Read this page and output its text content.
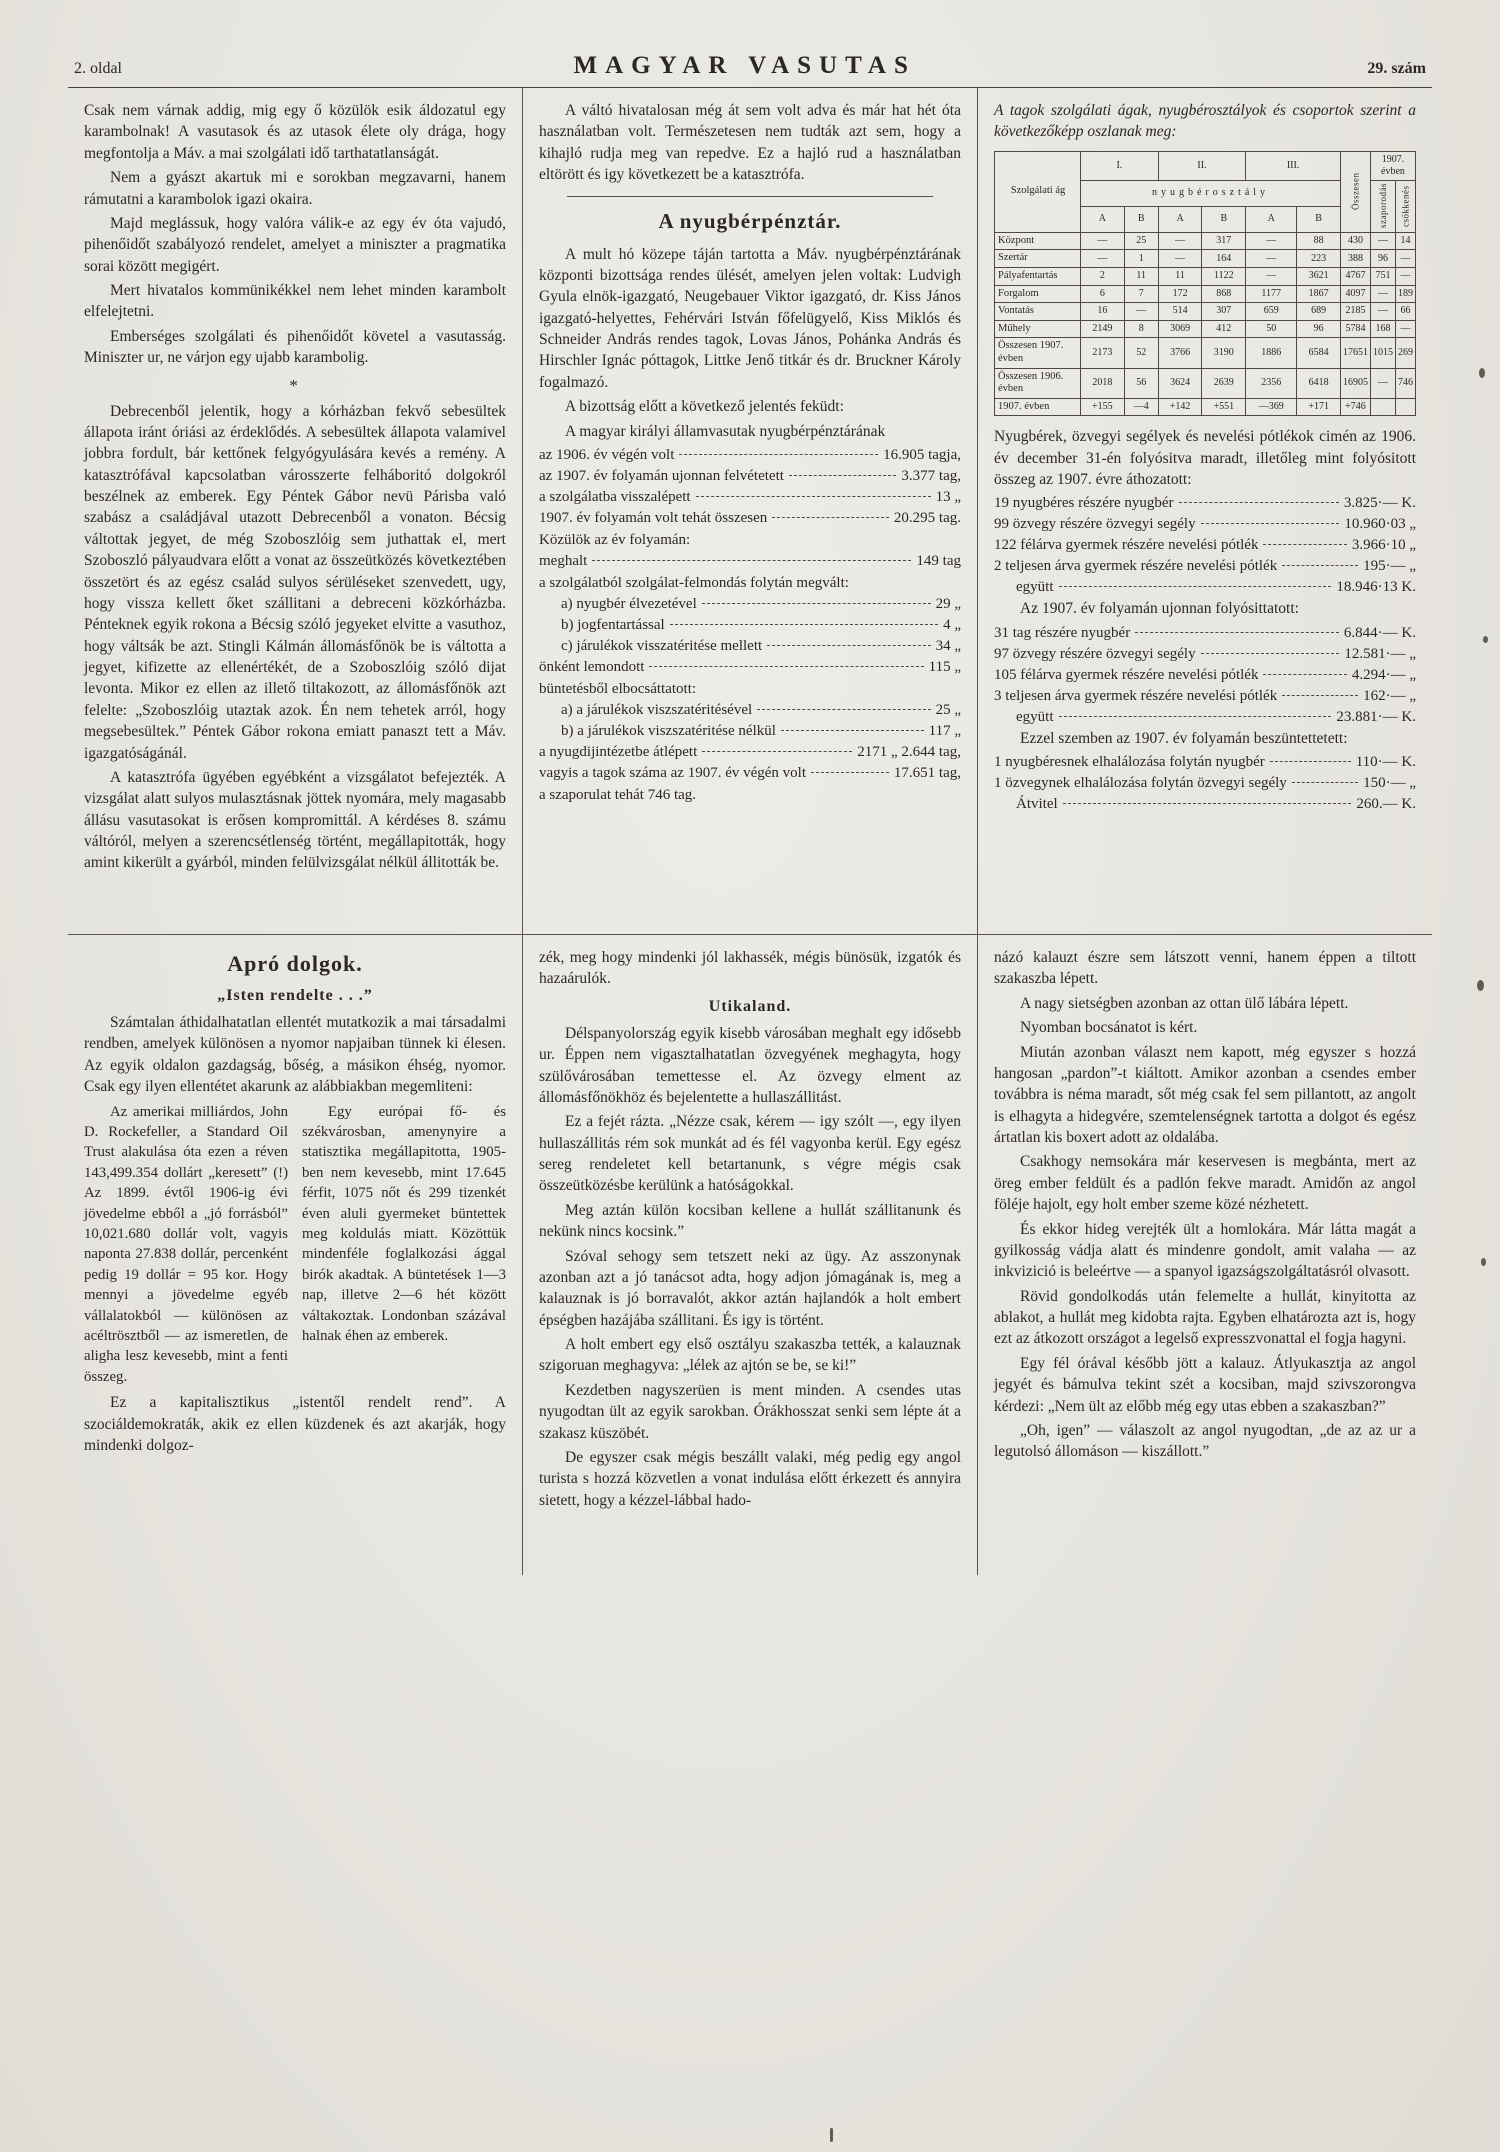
2. oldal	MAGYAR VASUTAS	29. szám

Csak nem várnak addig, mig egy ő közülök esik áldozatul egy karambolnak! A vasutasok és az utasok élete oly drága, hogy megfontolja a Máv. a mai szolgálati idő tarthatatlanságát.

Nem a gyászt akartuk mi e sorokban megzavarni, hanem rámutatni a karambolok igazi okaira.

Majd meglássuk, hogy valóra válik-e az egy év óta vajudó, pihenőidőt szabályozó rendelet, amelyet a miniszter a pragmatika sorai között megigért.

Mert hivatalos kommünikékkel nem lehet minden karambolt elfelejtetni.

Emberséges szolgálati és pihenőidőt követel a vasutasság. Miniszter ur, ne várjon egy ujabb karambolig.

*

Debrecenből jelentik, hogy a kórházban fekvő sebesültek állapota iránt óriási az érdeklődés. A sebesültek állapota valamivel jobbra fordult, bár kettőnek felgyógyulására kevés a remény. A katasztrófával kapcsolatban városszerte felháboritó dolgokról beszélnek az emberek. Egy Péntek Gábor nevü Párisba való szabász a családjával utazott Debrecenből a vonaton. Bécsig váltottak jegyet, de még Szoboszlóig sem juthattak el, mert Szoboszló pályaudvara előtt a vonat az összeütközés következtében összetört és az egész család sulyos sérüléseket szenvedett, ugy, hogy vissza kellett őket szállitani a debreceni közkórházba. Pénteknek egyik rokona a Bécsig szóló jegyeket elvitte a vasuthoz, hogy váltsák be azt. Stingli Kálmán állomásfőnök be is váltotta a jegyet, kifizette az ellenértékét, de a Szoboszlóig szóló dijat levonta. Mikor ez ellen az illető tiltakozott, az állomásfőnök azt felelte: „Szoboszlóig utaztak azok. Én nem tehetek arról, hogy megsebesültek.” Péntek Gábor rokona emiatt panaszt tett a Máv. igazgatóságánál.

A katasztrófa ügyében egyébként a vizsgálatot befejezték. A vizsgálat alatt sulyos mulasztásnak jöttek nyomára, mely magasabb állásu vasutasokat is erősen kompromittál. A kérdéses 8. számu váltóról, melyen a szerencsétlenség történt, megállapitották, hogy amint kikerült a gyárból, minden felülvizsgálat nélkül állitották be.

A váltó hivatalosan még át sem volt adva és már hat hét óta használatban volt. Természetesen nem tudták azt sem, hogy a kihajló rudja meg van repedve. Ez a hajló rud a használatban eltörött és igy következett be a katasztrófa.

A nyugbérpénztár.

A mult hó közepe táján tartotta a Máv. nyugbérpénztárának központi bizottsága rendes ülését, amelyen jelen voltak: Ludvigh Gyula elnök-igazgató, Neugebauer Viktor igazgató, dr. Kiss János igazgató-helyettes, Fehérvári István főfelügyelő, Kiss Miklós és Schneider András rendes tagok, Lovas János, Pohánka András és Hirschler Ignác póttagok, Littke Jenő titkár és dr. Bruckner Károly fogalmazó.

A bizottság előtt a következő jelentés feküdt:

A magyar királyi államvasutak nyugbérpénztárának

az 1906. év végén volt	16.905 tagja,
az 1907. év folyamán ujonnan felvétetett	3.377 tag,
a szolgálatba visszalépett	13 „
1907. év folyamán volt tehát összesen	20.295 tag.
Közülök az év folyamán:
meghalt	149 tag
a szolgálatból szolgálat-felmondás folytán megvált:
a) nyugbér élvezetével	29 „
b) jogfentartással	4 „
c) járulékok visszatéritése mellett	34 „
önként lemondott	115 „
büntetésből elbocsáttatott:
a) a járulékok viszszatéritésével	25 „
b) a járulékok viszszatéritése nélkül	117 „
a nyugdijintézetbe átlépett	2171 „ 2.644 tag,
vagyis a tagok száma az 1907. év végén volt	17.651 tag,
a szaporulat tehát 746 tag.

A tagok szolgálati ágak, nyugbérosztályok és csoportok szerint a következőképp oszlanak meg:

Szolgálati ág	I.		II.		III.		Összesen	1907. évben	
	nyugbérosztály							szaporodás	csökkenés
	A	B	A	B	A	B			
Központ	—	25	—	317	—	88	430	—	14
Szertár	—	1	—	164	—	223	388	96	—
Pályafentartás	2	11	11	1122	—	3621	4767	751	—
Forgalom	6	7	172	868	1177	1867	4097	—	189
Vontatás	16	—	514	307	659	689	2185	—	66
Műhely	2149	8	3069	412	50	96	5784	168	—
Összesen 1907. évben	2173	52	3766	3190	1886	6584	17651	1015	269
Összesen 1906. évben	2018	56	3624	2639	2356	6418	16905	—	746
1907. évben	+155	—4	+142	+551	—369	+171	+746		

Nyugbérek, özvegyi segélyek és nevelési pótlékok cimén az 1906. év december 31-én folyósitva maradt, illetőleg mint folyósitott összeg az 1907. évre áthozatott:

19 nyugbéres részére nyugbér	3.825·— K.
99 özvegy részére özvegyi segély	10.960·03 „
122 félárva gyermek részére nevelési pótlék	3.966·10 „
2 teljesen árva gyermek részére nevelési pótlék	195·— „
együtt	18.946·13 K.

Az 1907. év folyamán ujonnan folyósittatott:

31 tag részére nyugbér	6.844·— K.
97 özvegy részére özvegyi segély	12.581·— „
105 félárva gyermek részére nevelési pótlék	4.294·— „
3 teljesen árva gyermek részére nevelési pótlék	162·— „
együtt	23.881·— K.

Ezzel szemben az 1907. év folyamán beszüntettetett:

1 nyugbéresnek elhalálozása folytán nyugbér	110·— K.
1 özvegynek elhalálozása folytán özvegyi segély	150·— „
Átvitel	260.— K.
Apró dolgok.
„Isten rendelte . . .”

Számtalan áthidalhatatlan ellentét mutatkozik a mai társadalmi rendben, amelyek különösen a nyomor napjaiban tünnek ki élesen. Az egyik oldalon gazdagság, bőség, a másikon éhség, nyomor. Csak egy ilyen ellentétet akarunk az alábbiakban megemliteni:

Az amerikai milliárdos, John D. Rockefeller, a Standard Oil Trust alakulása óta ezen a réven 143,499.354 dollárt „keresett” (!) Az 1899. évtől 1906-ig évi jövedelme ebből a „jó forrásból” 10,021.680 dollár volt, vagyis naponta 27.838 dollár, percenként pedig 19 dollár = 95 kor. Hogy mennyi a jövedelme egyéb vállalatokból — különösen az acéltrösztből — az ismeretlen, de aligha lesz kevesebb, mint a fenti összeg.

Egy európai fő- és székvárosban, amenynyire a statisztika megállapitotta, 1905-ben nem kevesebb, mint 17.645 férfit, 1075 nőt és 299 tizenkét éven aluli gyermeket büntettek meg koldulás miatt. Közöttük mindenféle foglalkozási ággal birók akadtak. A büntetések 1—3 nap, illetve 2—6 hét között váltakoztak. Londonban százával halnak éhen az emberek.

Ez a kapitalisztikus „istentől rendelt rend”. A szociáldemokraták, akik ez ellen küzdenek és azt akarják, hogy mindenki dolgoz-

zék, meg hogy mindenki jól lakhassék, mégis bünösük, izgatók és hazaárulók.

Utikaland.

Délspanyolország egyik kisebb városában meghalt egy idősebb ur. Éppen nem vigasztalhatatlan özvegyének meghagyta, hogy szülővárosában temettesse el. Az özvegy elment az állomásfőnökhöz és bejelentette a hullaszállitást.

Ez a fejét rázta. „Nézze csak, kérem — igy szólt —, egy ilyen hullaszállitás rém sok munkát ad és fél vagyonba kerül. Egy egész sereg rendeletet kell betartanunk, s végre mégis csak összeütközésbe kerülünk a hatóságokkal.

Meg aztán külön kocsiban kellene a hullát szállitanunk és nekünk nincs kocsink.”

Szóval sehogy sem tetszett neki az ügy. Az asszonynak azonban azt a jó tanácsot adta, hogy adjon jómagának is, meg a kalauznak is jó borravalót, akkor aztán hajlandók a holt embert épségben hazájába szállitani. És igy is történt.

A holt embert egy első osztályu szakaszba tették, a kalauznak szigoruan meghagyva: „lélek az ajtón se be, se ki!”

Kezdetben nagyszerüen is ment minden. A csendes utas nyugodtan ült az egyik sarokban. Órákhosszat senki sem lépte át a szakasz küszöbét.

De egyszer csak mégis beszállt valaki, még pedig egy angol turista s hozzá közvetlen a vonat indulása előtt érkezett és annyira sietett, hogy a kézzel-lábbal hado-

názó kalauzt észre sem látszott venni, hanem éppen a tiltott szakaszba lépett.

A nagy sietségben azonban az ottan ülő lábára lépett.

Nyomban bocsánatot is kért.

Miután azonban választ nem kapott, még egyszer s hozzá hangosan „pardon”-t kiáltott. Amikor azonban a csendes ember továbbra is néma maradt, sőt még csak fel sem pillantott, az angolt is elhagyta a hidegvére, szemtelenségnek tartotta a dolgot és egész ártatlan kis boxert adott az oldalába.

Csakhogy nemsokára már keservesen is megbánta, mert az öreg ember feldült és a padlón fekve maradt. Amidőn az angol föléje hajolt, egy holt ember szeme közé nézhetett.

És ekkor hideg verejték ült a homlokára. Már látta magát a gyilkosság vádja alatt és mindenre gondolt, amit valaha — az inkvizició is beleértve — a spanyol igazságszolgáltatásról olvasott.

Rövid gondolkodás után felemelte a hullát, kinyitotta az ablakot, a hullát meg kidobta rajta. Egyben elhatározta azt is, hogy ezt az átkozott országot a legelső expresszvonattal el fogja hagyni.

Egy fél órával később jött a kalauz. Átlyukasztja az angol jegyét és bámulva tekint szét a kocsiban, majd szivszorongva kérdezi: „Nem ült az előbb még egy utas ebben a szakaszban?”

„Oh, igen” — válaszolt az angol nyugodtan, „de az az ur a legutolsó állomáson — kiszállott.”
